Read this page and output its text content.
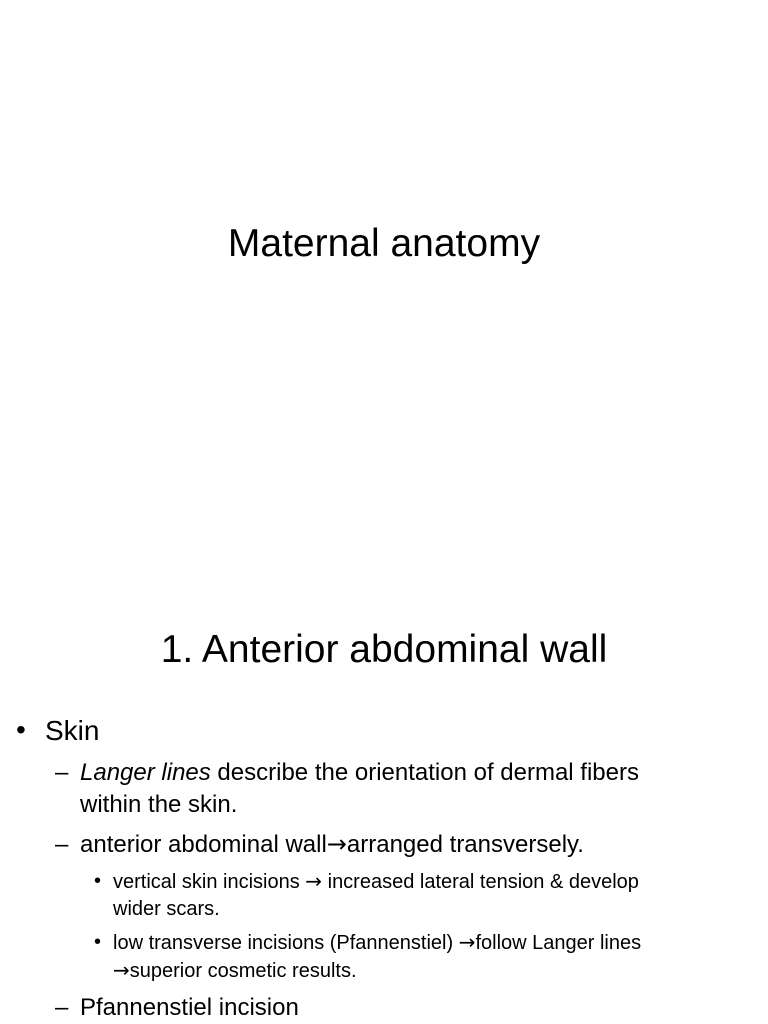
Maternal anatomy
1. Anterior abdominal wall
• Skin
– Langer lines describe the orientation of dermal fibers
within the skin.
– anterior abdominal wall→arranged transversely.
• vertical skin incisions → increased lateral tension & develop
wider scars.
• low transverse incisions (Pfannenstiel) →follow Langer lines
→superior cosmetic results.
– Pfannenstiel incision
